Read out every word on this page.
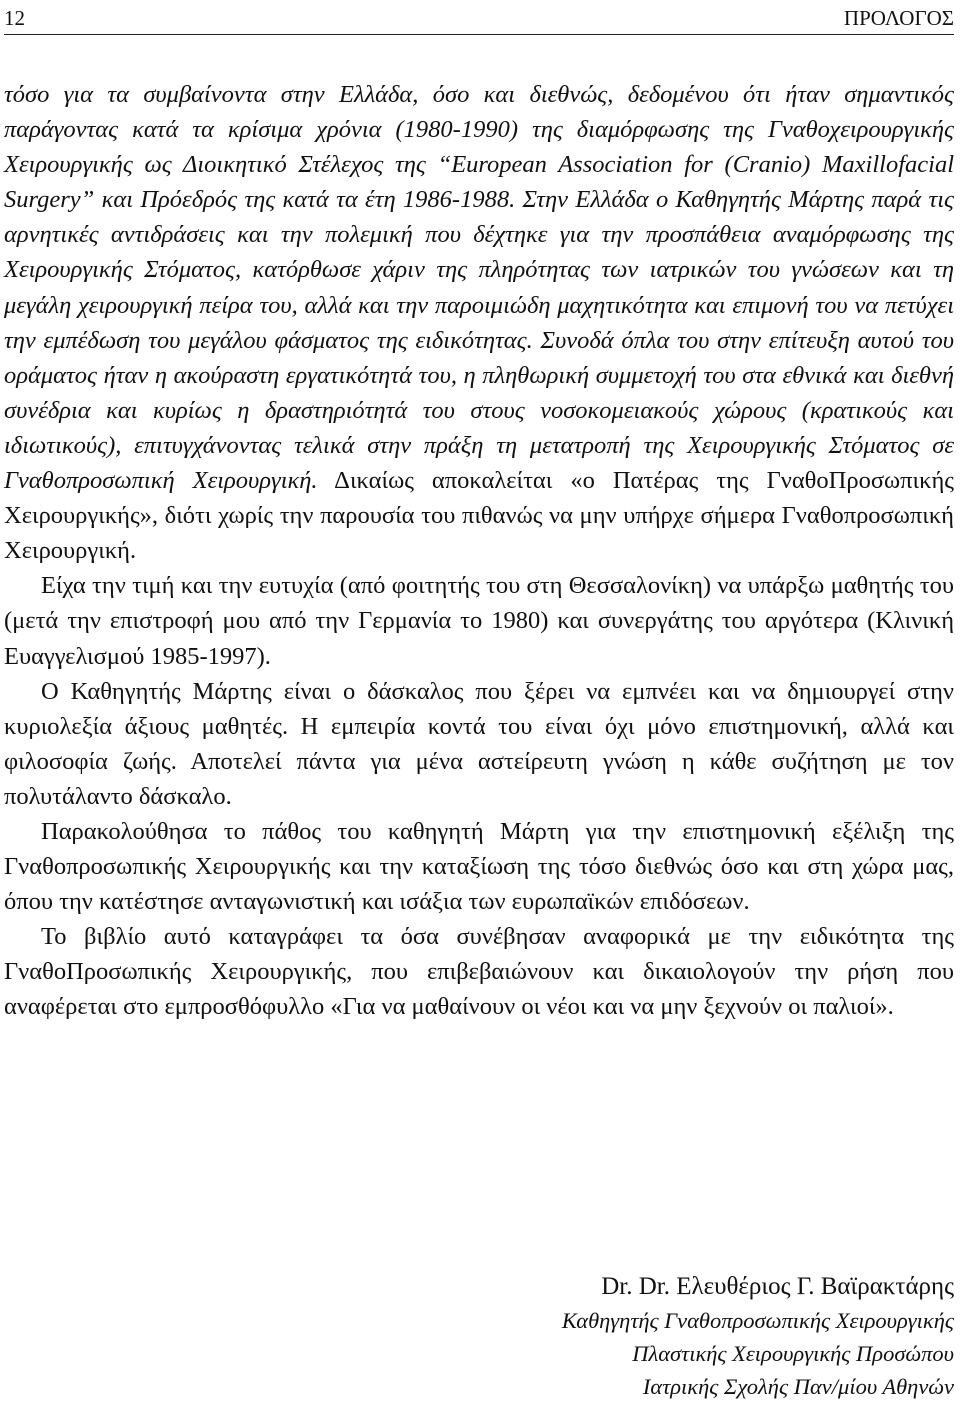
12	ΠΡΟΛΟΓΟΣ

τόσο για τα συμβαίνοντα στην Ελλάδα, όσο και διεθνώς, δεδομένου ότι ήταν σημαντικός παράγοντας κατά τα κρίσιμα χρόνια (1980-1990) της διαμόρφωσης της Γναθοχειρουργικής Χειρουργικής ως Διοικητικό Στέλεχος της “European Association for (Cranio) Maxillofacial Surgery” και Πρόεδρός της κατά τα έτη 1986-1988. Στην Ελλάδα ο Καθηγητής Μάρτης παρά τις αρνητικές αντιδράσεις και την πολεμική που δέχτηκε για την προσπάθεια αναμόρφωσης της Χειρουργικής Στόματος, κατόρθωσε χάριν της πληρότητας των ιατρικών του γνώσεων και τη μεγάλη χειρουργική πείρα του, αλλά και την παροιμιώδη μαχητικότητα και επιμονή του να πετύχει την εμπέδωση του μεγάλου φάσματος της ειδικότητας. Συνοδά όπλα του στην επίτευξη αυτού του οράματος ήταν η ακούραστη εργατικότητά του, η πληθωρική συμμετοχή του στα εθνικά και διεθνή συνέδρια και κυρίως η δραστηριότητά του στους νοσοκομειακούς χώρους (κρατικούς και ιδιωτικούς), επιτυγχάνοντας τελικά στην πράξη τη μετατροπή της Χειρουργικής Στόματος σε Γναθοπροσωπική Χειρουργική. Δικαίως αποκαλείται «ο Πατέρας της ΓναθοΠροσωπικής Χειρουργικής», διότι χωρίς την παρουσία του πιθανώς να μην υπήρχε σήμερα Γναθοπροσωπική Χειρουργική.

Είχα την τιμή και την ευτυχία (από φοιτητής του στη Θεσσαλονίκη) να υπάρξω μαθητής του (μετά την επιστροφή μου από την Γερμανία το 1980) και συνεργάτης του αργότερα (Κλινική Ευαγγελισμού 1985-1997).

Ο Καθηγητής Μάρτης είναι ο δάσκαλος που ξέρει να εμπνέει και να δημιουργεί στην κυριολεξία άξιους μαθητές. Η εμπειρία κοντά του είναι όχι μόνο επιστημονική, αλλά και φιλοσοφία ζωής. Αποτελεί πάντα για μένα αστείρευτη γνώση η κάθε συζήτηση με τον πολυτάλαντο δάσκαλο.

Παρακολούθησα το πάθος του καθηγητή Μάρτη για την επιστημονική εξέλιξη της Γναθοπροσωπικής Χειρουργικής και την καταξίωση της τόσο διεθνώς όσο και στη χώρα μας, όπου την κατέστησε ανταγωνιστική και ισάξια των ευρωπαϊκών επιδόσεων.

Το βιβλίο αυτό καταγράφει τα όσα συνέβησαν αναφορικά με την ειδικότητα της ΓναθοΠροσωπικής Χειρουργικής, που επιβεβαιώνουν και δικαιολογούν την ρήση που αναφέρεται στο εμπροσθόφυλλο «Για να μαθαίνουν οι νέοι και να μην ξεχνούν οι παλιοί».

Dr. Dr. Ελευθέριος Γ. Βαϊρακτάρης
Καθηγητής Γναθοπροσωπικής Χειρουργικής
Πλαστικής Χειρουργικής Προσώπου
Ιατρικής Σχολής Παν/μίου Αθηνών
